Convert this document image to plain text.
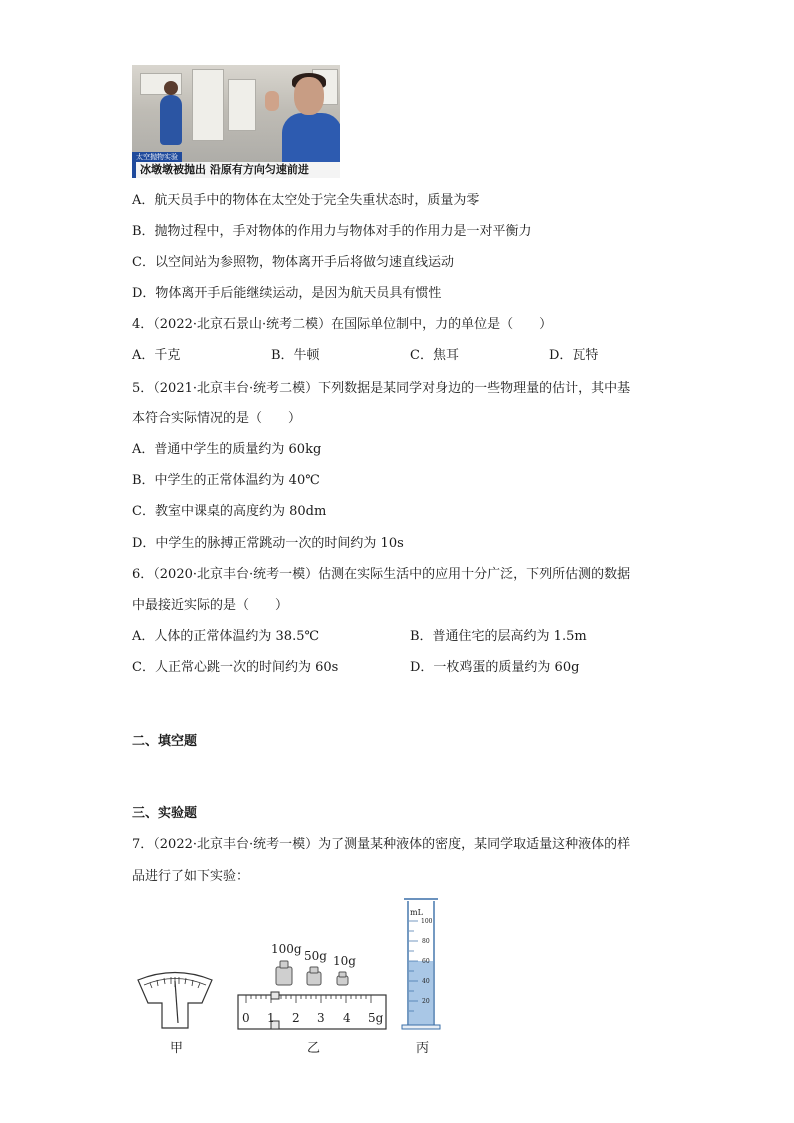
太空抛物实验
冰墩墩被抛出 沿原有方向匀速前进
A．航天员手中的物体在太空处于完全失重状态时，质量为零
B．抛物过程中，手对物体的作用力与物体对手的作用力是一对平衡力
C．以空间站为参照物，物体离开手后将做匀速直线运动
D．物体离开手后能继续运动，是因为航天员具有惯性
4．（2022·北京石景山·统考二模）在国际单位制中，力的单位是（　　）
A．千克	B．牛顿	C．焦耳	D．瓦特
5．（2021·北京丰台·统考二模）下列数据是某同学对身边的一些物理量的估计，其中基
本符合实际情况的是（　　）
A．普通中学生的质量约为 60kg
B．中学生的正常体温约为 40℃
C．教室中课桌的高度约为 80dm
D．中学生的脉搏正常跳动一次的时间约为 10s
6．（2020·北京丰台·统考一模）估测在实际生活中的应用十分广泛，下列所估测的数据
中最接近实际的是（　　）
A．人体的正常体温约为 38.5℃	B．普通住宅的层高约为 1.5m
C．人正常心跳一次的时间约为 60s	D．一枚鸡蛋的质量约为 60g
二、填空题
三、实验题
7．（2022·北京丰台·统考一模）为了测量某种液体的密度，某同学取适量这种液体的样
品进行了如下实验：
100g 50g 10g
0 1 2 3 4 5g
mL
100
80
60
40
20
甲	乙	丙
